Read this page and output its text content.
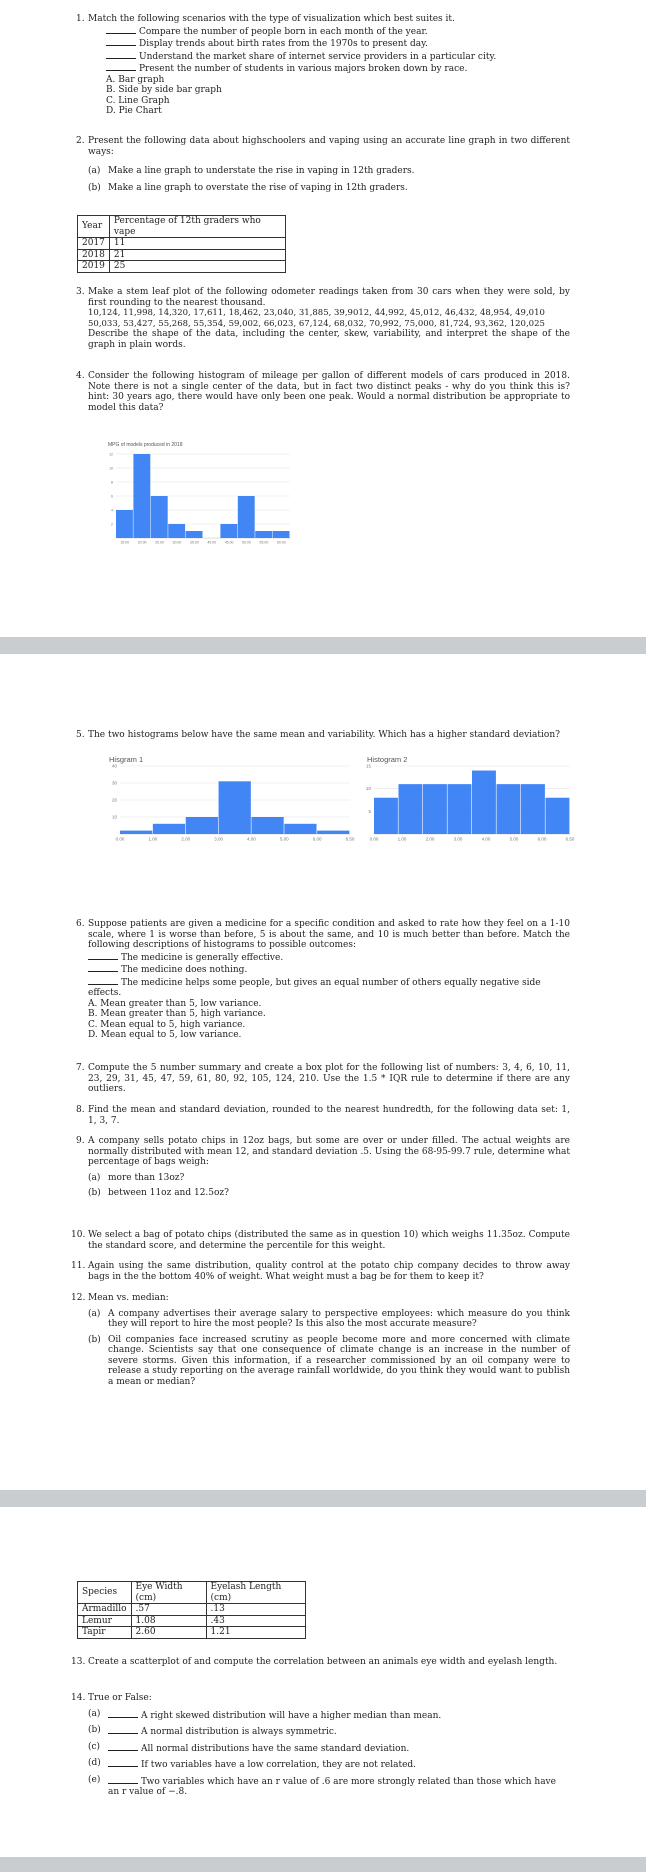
1. Match the following scenarios with the type of visualization which best suites it.
Compare the number of people born in each month of the year.
Display trends about birth rates from the 1970s to present day.
Understand the market share of internet service providers in a particular city.
Present the number of students in various majors broken down by race.
A. Bar graph
B. Side by side bar graph
C. Line Graph
D. Pie Chart
2. Present the following data about highschoolers and vaping using an accurate line graph in two different ways:
(a) Make a line graph to understate the rise in vaping in 12th graders.
(b) Make a line graph to overstate the rise of vaping in 12th graders.
Year	Percentage of 12th graders who vape
2017	11
2018	21
2019	25
3. Make a stem leaf plot of the following odometer readings taken from 30 cars when they were sold, by first rounding to the nearest thousand.
10,124, 11,998, 14,320, 17,611, 18,462, 23,040, 31,885, 39,9012, 44,992, 45,012, 46,432, 48,954, 49,010
50,033, 53,427, 55,268, 55,354, 59,002, 66,023, 67,124, 68,032, 70,992, 75,000, 81,724, 93,362, 120,025
Describe the shape of the data, including the center, skew, variability, and interpret the shape of the graph in plain words.
4. Consider the following histogram of mileage per gallon of different models of cars produced in 2018. Note there is not a single center of the data, but in fact two distinct peaks - why do you think this is? hint: 30 years ago, there would have only been one peak. Would a normal distribution be appropriate to model this data?
MPG of models produced in 2018
12
10
8
6
4
2
15.00 20.00 25.00 30.00 35.00 40.00 45.00 50.00 55.00 60.00
5. The two histograms below have the same mean and variability. Which has a higher standard deviation?
Hisgram 1
40
30
20
10
0.00	1.00	2.00	3.00	4.00	5.00	6.00	6.50
Histogram 2
15
10
5
0.00	1.00	2.00	3.00	4.00	5.00	6.00	6.50
6. Suppose patients are given a medicine for a specific condition and asked to rate how they feel on a 1-10 scale, where 1 is worse than before, 5 is about the same, and 10 is much better than before. Match the following descriptions of histograms to possible outcomes:
The medicine is generally effective.
The medicine does nothing.
The medicine helps some people, but gives an equal number of others equally negative side
effects.
A. Mean greater than 5, low variance.
B. Mean greater than 5, high variance.
C. Mean equal to 5, high variance.
D. Mean equal to 5, low variance.
7. Compute the 5 number summary and create a box plot for the following list of numbers: 3, 4, 6, 10, 11, 23, 29, 31, 45, 47, 59, 61, 80, 92, 105, 124, 210. Use the 1.5 * IQR rule to determine if there are any outliers.
8. Find the mean and standard deviation, rounded to the nearest hundredth, for the following data set: 1, 1, 3, 7.
9. A company sells potato chips in 12oz bags, but some are over or under filled. The actual weights are normally distributed with mean 12, and standard deviation .5. Using the 68-95-99.7 rule, determine what percentage of bags weigh:
(a) more than 13oz?
(b) between 11oz and 12.5oz?
10. We select a bag of potato chips (distributed the same as in question 10) which weighs 11.35oz. Compute the standard score, and determine the percentile for this weight.
11. Again using the same distribution, quality control at the potato chip company decides to throw away bags in the the bottom 40% of weight. What weight must a bag be for them to keep it?
12. Mean vs. median:
(a) A company advertises their average salary to perspective employees: which measure do you think they will report to hire the most people? Is this also the most accurate measure?
(b) Oil companies face increased scrutiny as people become more and more concerned with climate change. Scientists say that one consequence of climate change is an increase in the number of severe storms. Given this information, if a researcher commissioned by an oil company were to release a study reporting on the average rainfall worldwide, do you think they would want to publish a mean or median?
Species	Eye Width (cm)	Eyelash Length (cm)
Armadillo	.57	.13
Lemur	1.08	.43
Tapir	2.60	1.21
13. Create a scatterplot of and compute the correlation between an animals eye width and eyelash length.
14. True or False:
(a)	A right skewed distribution will have a higher median than mean.
(b)	A normal distribution is always symmetric.
(c)	All normal distributions have the same standard deviation.
(d)	If two variables have a low correlation, they are not related.
(e)	Two variables which have an r value of .6 are more strongly related than those which have
an r value of −.8.
